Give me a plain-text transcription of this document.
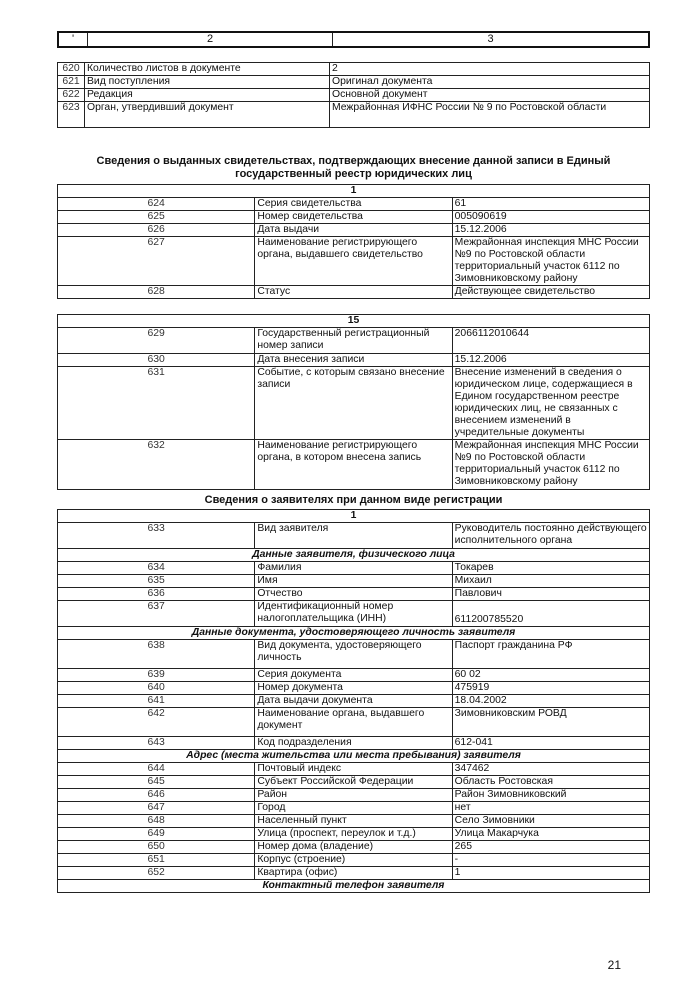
'	2	3
620	Количество листов в документе	2
621	Вид поступления	Оригинал документа
622	Редакция	Основной документ
623	Орган, утвердивший документ	Межрайонная ИФНС России № 9 по Ростовской области
Сведения о выданных свидетельствах, подтверждающих внесение данной записи в Единый государственный реестр юридических лиц
1		
624	Серия свидетельства	61
625	Номер свидетельства	005090619
626	Дата выдачи	15.12.2006
627	Наименование регистрирующего органа, выдавшего свидетельство	Межрайонная инспекция МНС России №9 по Ростовской области территориальный участок 6112 по Зимовниковскому району
628	Статус	Действующее свидетельство
15		
629	Государственный регистрационный номер записи	2066112010644
630	Дата внесения записи	15.12.2006
631	Событие, с которым связано внесение записи	Внесение изменений в сведения о юридическом лице, содержащиеся в Едином государственном реестре юридических лиц, не связанных с внесением изменений в учредительные документы
632	Наименование регистрирующего органа, в котором внесена запись	Межрайонная инспекция МНС России №9 по Ростовской области территориальный участок 6112 по Зимовниковскому району
Сведения о заявителях при данном виде регистрации
1		
633	Вид заявителя	Руководитель постоянно действующего исполнительного органа
Данные заявителя, физического лица		
634	Фамилия	Токарев
635	Имя	Михаил
636	Отчество	Павлович
637	Идентификационный номер налогоплательщика (ИНН)	611200785520
Данные документа, удостоверяющего личность заявителя		
638	Вид документа, удостоверяющего личность	Паспорт гражданина РФ
639	Серия документа	60 02
640	Номер документа	475919
641	Дата выдачи документа	18.04.2002
642	Наименование органа, выдавшего документ	Зимовниковским РОВД
643	Код подразделения	612-041
Адрес (места жительства или места пребывания) заявителя		
644	Почтовый индекс	347462
645	Субъект Российской Федерации	Область Ростовская
646	Район	Район Зимовниковский
647	Город	нет
648	Населенный пункт	Село Зимовники
649	Улица (проспект, переулок и т.д.)	Улица Макарчука
650	Номер дома (владение)	265
651	Корпус (строение)	-
652	Квартира (офис)	1
Контактный телефон заявителя		
21
